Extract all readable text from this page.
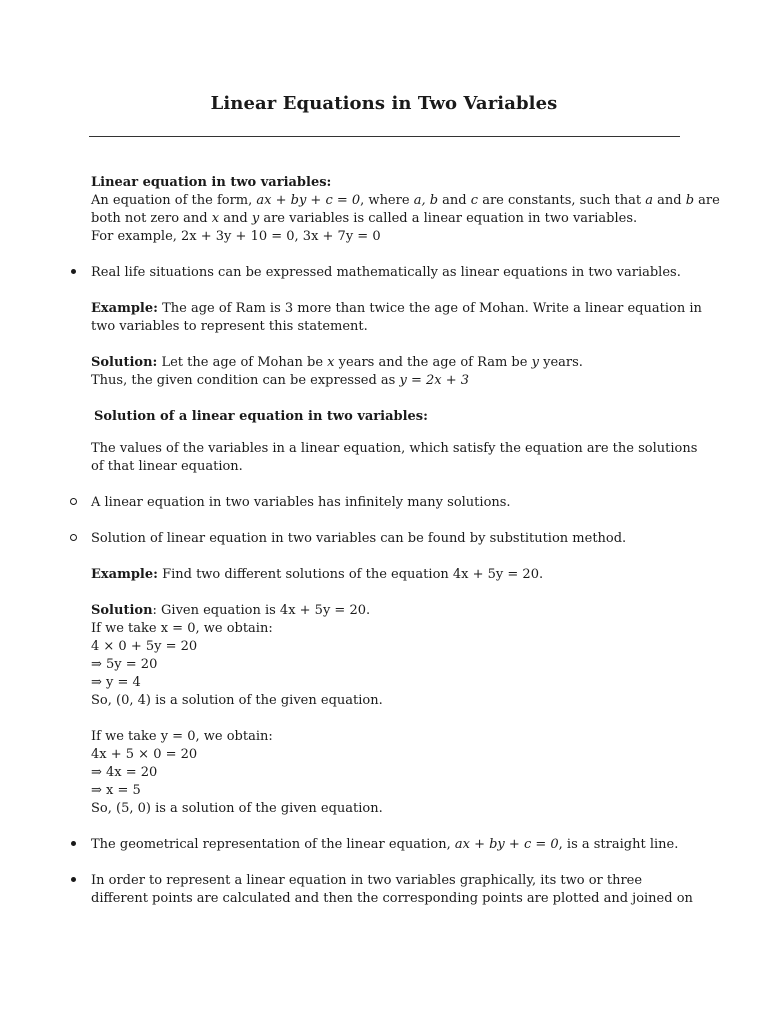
Linear Equations in Two Variables
Linear equation in two variables:
An equation of the form, ax + by + c = 0, where a, b and c are constants, such that a and b are
both not zero and x and y are variables is called a linear equation in two variables.
For example, 2x + 3y + 10 = 0, 3x + 7y = 0
Real life situations can be expressed mathematically as linear equations in two variables.
Example: The age of Ram is 3 more than twice the age of Mohan. Write a linear equation in
two variables to represent this statement.
Solution: Let the age of Mohan be x years and the age of Ram be y years.
Thus, the given condition can be expressed as y = 2x + 3
Solution of a linear equation in two variables:
The values of the variables in a linear equation, which satisfy the equation are the solutions
of that linear equation.
A linear equation in two variables has infinitely many solutions.
Solution of linear equation in two variables can be found by substitution method.
Example: Find two different solutions of the equation 4x + 5y = 20.
Solution: Given equation is 4x + 5y = 20.
If we take x = 0, we obtain:
4 × 0 + 5y = 20
⇒ 5y = 20
⇒ y = 4
So, (0, 4) is a solution of the given equation.
If we take y = 0, we obtain:
4x + 5 × 0 = 20
⇒ 4x = 20
⇒ x = 5
So, (5, 0) is a solution of the given equation.
The geometrical representation of the linear equation, ax + by + c = 0, is a straight line.
In order to represent a linear equation in two variables graphically, its two or three
different points are calculated and then the corresponding points are plotted and joined on
